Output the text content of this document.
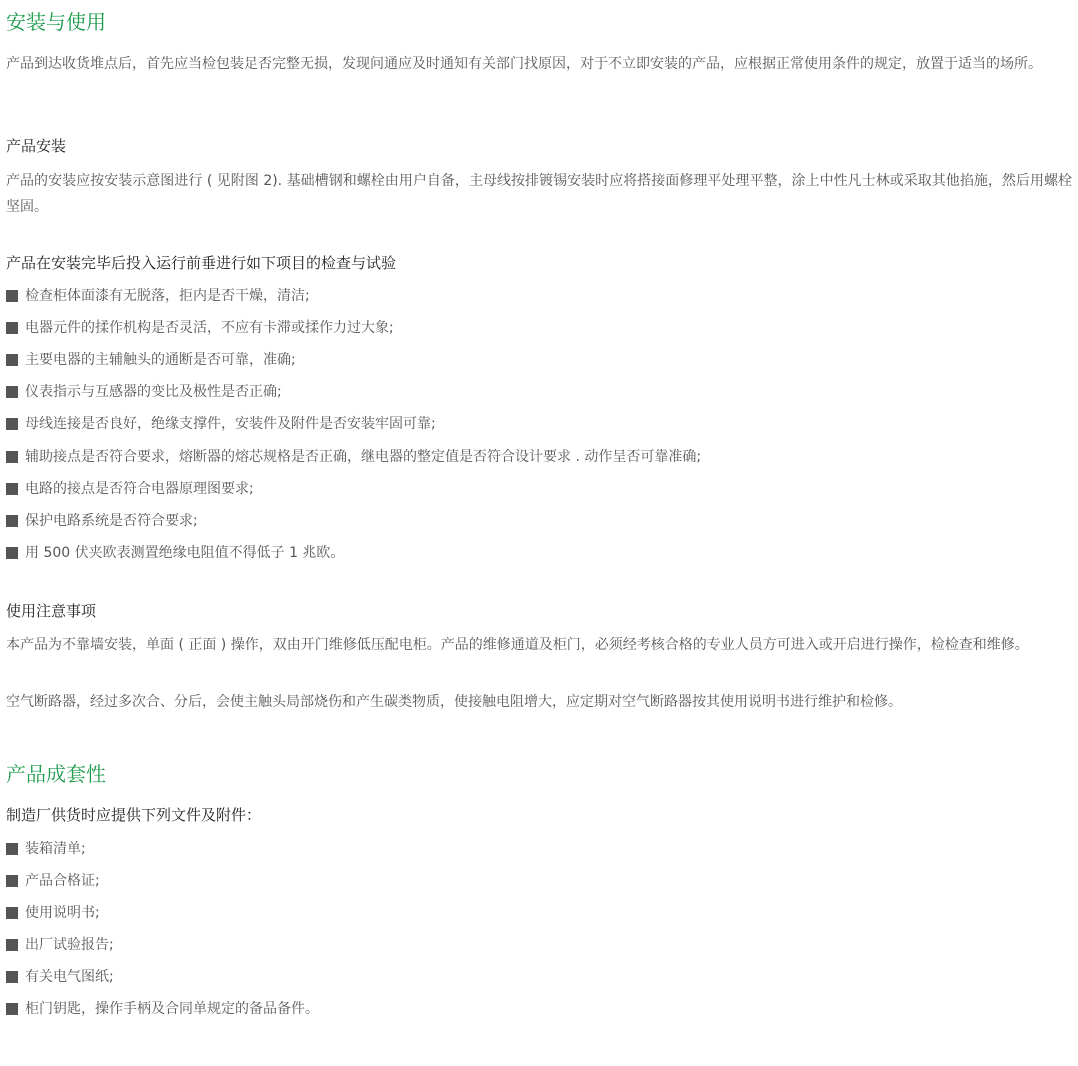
安装与使用

产品到达收货堆点后，首先应当检包装足否完整无损，发现问通应及时通知有关部门找原因，对于不立即安装的产品，应根据正常使用条件的规定，放置于适当的场所。

产品安装

产品的安装应按安装示意图进行 ( 见附图 2). 基础槽钢和螺栓由用户自备，主母线按排镀锡安装时应将搭接面修理平处理平整，涂上中性凡士林或采取其他掐施，然后用螺栓坚固。

产品在安装完毕后投入运行前垂进行如下项目的检查与试验
检查柜体面漆有无脱落，拒内是否干燥，清洁;
电器元件的揉作机构是否灵活，不应有卡滞或揉作力过大象;
主要电器的主辅触头的通断是否可靠，准确;
仪表指示与互感器的变比及极性是否正确;
母线连接是否良好，绝缘支撑件，安装件及附件是否安装牢固可靠;
辅助接点是否符合要求，熔断器的熔芯规格是否正确，继电器的整定值是否符合设计要求 . 动作呈否可靠准确;
电路的接点是否符合电器原理图要求;
保护电路系统是否符合要求;
用 500 伏夹欧表测置绝缘电阻值不得低子 1 兆欧。
使用注意事项

本产品为不靠墙安装，单面 ( 正面 ) 操作，双由开门维修低压配电柜。产品的维修通道及柜门，必须经考核合格的专业人员方可进入或开启进行操作，检检查和维修。

空气断路器，经过多次合、分后，会使主触头局部烧伤和产生碳类物质，使接触电阻增大，应定期对空气断路器按其使用说明书进行维护和检修。

产品成套性
制造厂供货时应提供下列文件及附件：
装箱清单;
产品合格证;
使用说明书;
出厂试验报告;
有关电气图纸;
柜门钥匙，操作手柄及合同单规定的备品备件。
